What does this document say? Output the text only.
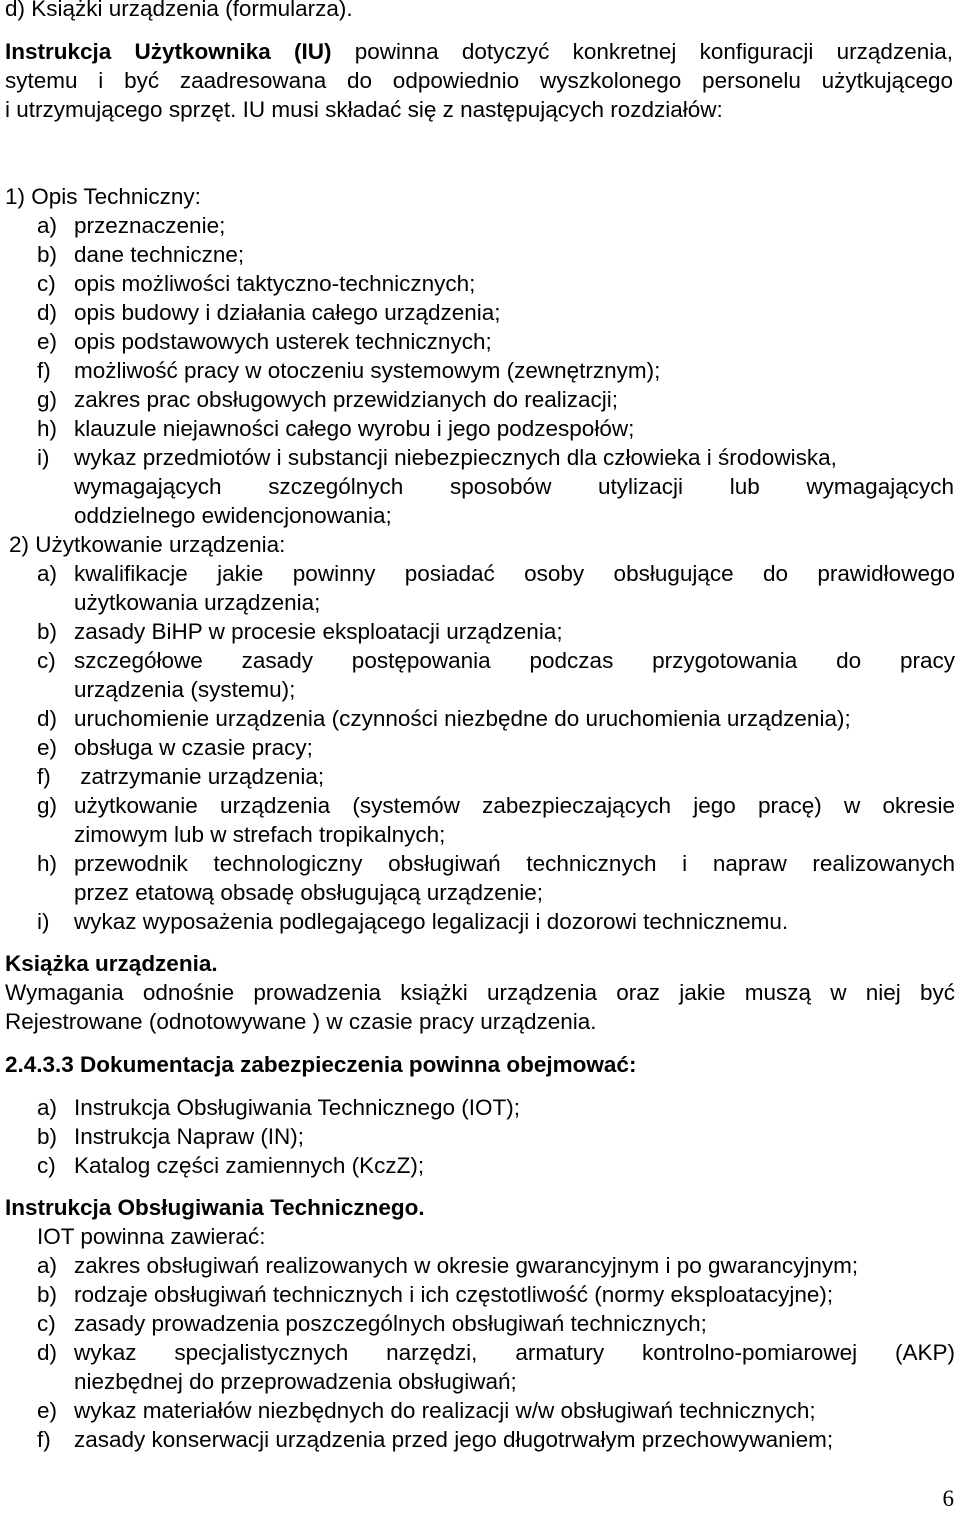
d) Książki urządzenia (formularza).
Instrukcja Użytkownika (IU) powinna dotyczyć konkretnej konfiguracji urządzenia,
sytemu i być zaadresowana do odpowiednio wyszkolonego personelu użytkującego
i utrzymującego sprzęt. IU musi składać się z następujących rozdziałów:
1) Opis Techniczny:
a) przeznaczenie;
b) dane techniczne;
c) opis możliwości taktyczno-technicznych;
d) opis budowy i działania całego urządzenia;
e) opis podstawowych usterek technicznych;
f) możliwość pracy w otoczeniu systemowym (zewnętrznym);
g) zakres prac obsługowych przewidzianych do realizacji;
h) klauzule niejawności całego wyrobu i jego podzespołów;
i) wykaz przedmiotów i substancji niebezpiecznych dla człowieka i środowiska,
wymagających szczególnych sposobów utylizacji lub wymagających
oddzielnego ewidencjonowania;
2) Użytkowanie urządzenia:
a) kwalifikacje jakie powinny posiadać osoby obsługujące do prawidłowego
użytkowania urządzenia;
b) zasady BiHP w procesie eksploatacji urządzenia;
c) szczegółowe zasady postępowania podczas przygotowania do pracy
urządzenia (systemu);
d) uruchomienie urządzenia (czynności niezbędne do uruchomienia urządzenia);
e) obsługa w czasie pracy;
f) zatrzymanie urządzenia;
g) użytkowanie urządzenia (systemów zabezpieczających jego pracę) w okresie
zimowym lub w strefach tropikalnych;
h) przewodnik technologiczny obsługiwań technicznych i napraw realizowanych
przez etatową obsadę obsługującą urządzenie;
i) wykaz wyposażenia podlegającego legalizacji i dozorowi technicznemu.
Książka urządzenia.
Wymagania odnośnie prowadzenia książki urządzenia oraz jakie muszą w niej być
Rejestrowane (odnotowywane ) w czasie pracy urządzenia.
2.4.3.3 Dokumentacja zabezpieczenia powinna obejmować:
a) Instrukcja Obsługiwania Technicznego (IOT);
b) Instrukcja Napraw (IN);
c) Katalog części zamiennych (KczZ);
Instrukcja Obsługiwania Technicznego.
IOT powinna zawierać:
a) zakres obsługiwań realizowanych w okresie gwarancyjnym i po gwarancyjnym;
b) rodzaje obsługiwań technicznych i ich częstotliwość (normy eksploatacyjne);
c) zasady prowadzenia poszczególnych obsługiwań technicznych;
d) wykaz specjalistycznych narzędzi, armatury kontrolno-pomiarowej (AKP)
niezbędnej do przeprowadzenia obsługiwań;
e) wykaz materiałów niezbędnych do realizacji w/w obsługiwań technicznych;
f) zasady konserwacji urządzenia przed jego długotrwałym przechowywaniem;
6
